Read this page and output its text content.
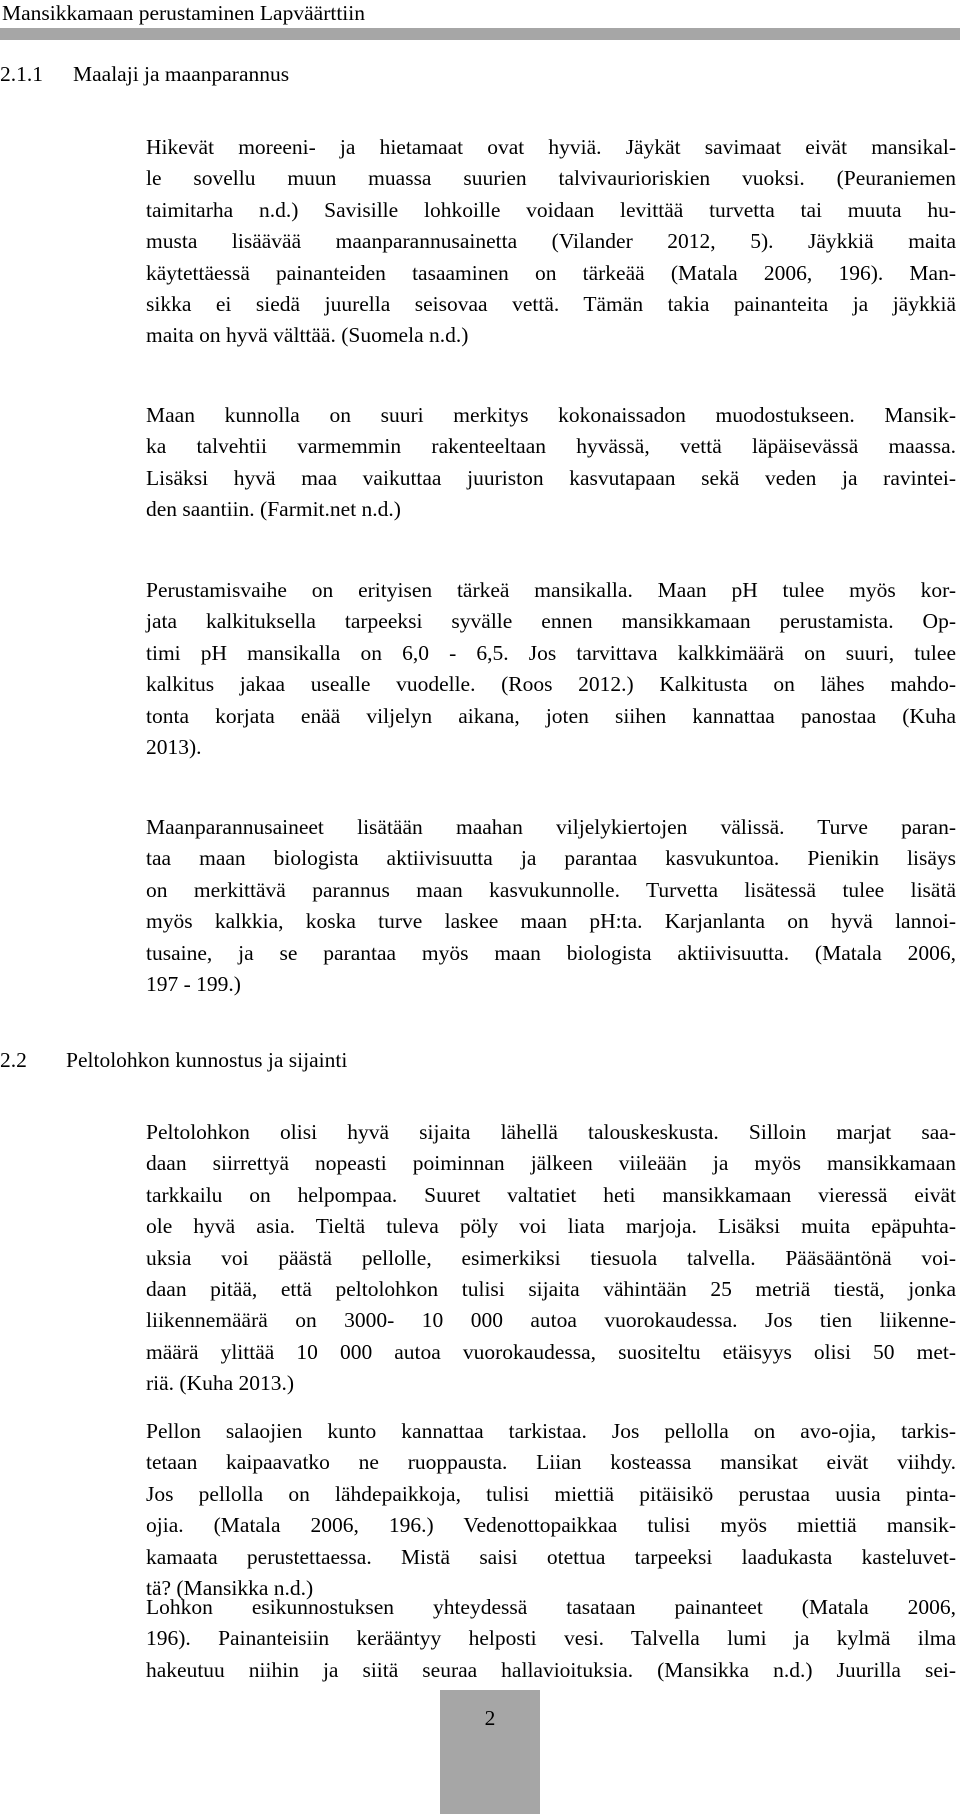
Mansikkamaan perustaminen Lapväärttiin
2.1.1 Maalaji ja maanparannus
Hikevät moreeni- ja hietamaat ovat hyviä. Jäykät savimaat eivät mansikal-
le sovellu muun muassa suurien talvivaurioriskien vuoksi. (Peuraniemen
taimitarha n.d.) Savisille lohkoille voidaan levittää turvetta tai muuta hu-
musta lisäävää maanparannusainetta (Vilander 2012, 5). Jäykkiä maita
käytettäessä painanteiden tasaaminen on tärkeää (Matala 2006, 196). Man-
sikka ei siedä juurella seisovaa vettä. Tämän takia painanteita ja jäykkiä
maita on hyvä välttää. (Suomela n.d.)
Maan kunnolla on suuri merkitys kokonaissadon muodostukseen. Mansik-
ka talvehtii varmemmin rakenteeltaan hyvässä, vettä läpäisevässä maassa.
Lisäksi hyvä maa vaikuttaa juuriston kasvutapaan sekä veden ja ravintei-
den saantiin. (Farmit.net n.d.)
Perustamisvaihe on erityisen tärkeä mansikalla. Maan pH tulee myös kor-
jata kalkituksella tarpeeksi syvälle ennen mansikkamaan perustamista. Op-
timi pH mansikalla on 6,0 - 6,5. Jos tarvittava kalkkimäärä on suuri, tulee
kalkitus jakaa usealle vuodelle. (Roos 2012.) Kalkitusta on lähes mahdo-
tonta korjata enää viljelyn aikana, joten siihen kannattaa panostaa (Kuha
2013).
Maanparannusaineet lisätään maahan viljelykiertojen välissä. Turve paran-
taa maan biologista aktiivisuutta ja parantaa kasvukuntoa. Pienikin lisäys
on merkittävä parannus maan kasvukunnolle. Turvetta lisätessä tulee lisätä
myös kalkkia, koska turve laskee maan pH:ta. Karjanlanta on hyvä lannoi-
tusaine, ja se parantaa myös maan biologista aktiivisuutta. (Matala 2006,
197 - 199.)
2.2 Peltolohkon kunnostus ja sijainti
Peltolohkon olisi hyvä sijaita lähellä talouskeskusta. Silloin marjat saa-
daan siirrettyä nopeasti poiminnan jälkeen viileään ja myös mansikkamaan
tarkkailu on helpompaa. Suuret valtatiet heti mansikkamaan vieressä eivät
ole hyvä asia. Tieltä tuleva pöly voi liata marjoja. Lisäksi muita epäpuhta-
uksia voi päästä pellolle, esimerkiksi tiesuola talvella. Pääsääntönä voi-
daan pitää, että peltolohkon tulisi sijaita vähintään 25 metriä tiestä, jonka
liikennemäärä on 3000- 10 000 autoa vuorokaudessa. Jos tien liikenne-
määrä ylittää 10 000 autoa vuorokaudessa, suositeltu etäisyys olisi 50 met-
riä. (Kuha 2013.)
Pellon salaojien kunto kannattaa tarkistaa. Jos pellolla on avo-ojia, tarkis-
tetaan kaipaavatko ne ruoppausta. Liian kosteassa mansikat eivät viihdy.
Jos pellolla on lähdepaikkoja, tulisi miettiä pitäisikö perustaa uusia pinta-
ojia. (Matala 2006, 196.) Vedenottopaikkaa tulisi myös miettiä mansik-
kamaata perustettaessa. Mistä saisi otettua tarpeeksi laadukasta kasteluvet-
tä? (Mansikka n.d.)
Lohkon esikunnostuksen yhteydessä tasataan painanteet (Matala 2006,
196). Painanteisiin kerääntyy helposti vesi. Talvella lumi ja kylmä ilma
hakeutuu niihin ja siitä seuraa hallavioituksia. (Mansikka n.d.) Juurilla sei-
2
